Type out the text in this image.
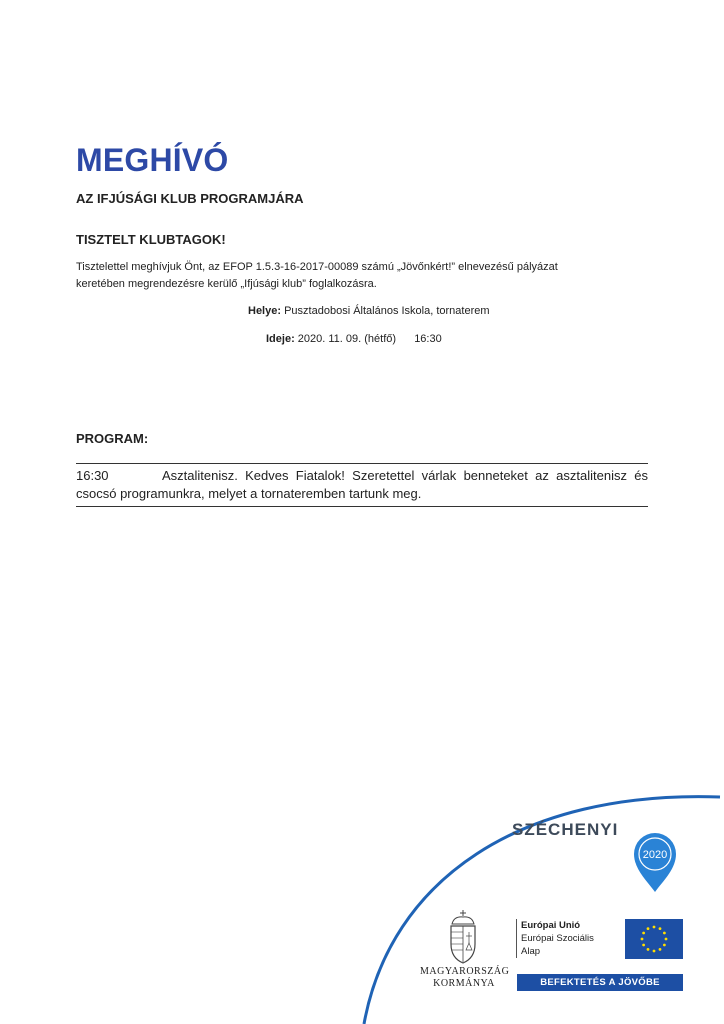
MEGHÍVÓ
AZ IFJÚSÁGI KLUB PROGRAMJÁRA
TISZTELT KLUBTAGOK!
Tisztelettel meghívjuk Önt, az EFOP 1.5.3-16-2017-00089 számú „Jövőnkért!” elnevezésű pályázat
keretében megrendezésre kerülő „Ifjúsági klub” foglalkozásra.
Helye: Pusztadobosi Általános Iskola, tornaterem
Ideje: 2020. 11. 09. (hétfő) 16:30
PROGRAM:
16:30	Asztalitenisz. Kedves Fiatalok! Szeretettel várlak benneteket az asztalitenisz és csocsó programunkra, melyet a tornateremben tartunk meg.
SZÉCHENYI
2020
MAGYARORSZÁG
KORMÁNYA
Európai Unió
Európai Szociális
Alap
BEFEKTETÉS A JÖVŐBE
